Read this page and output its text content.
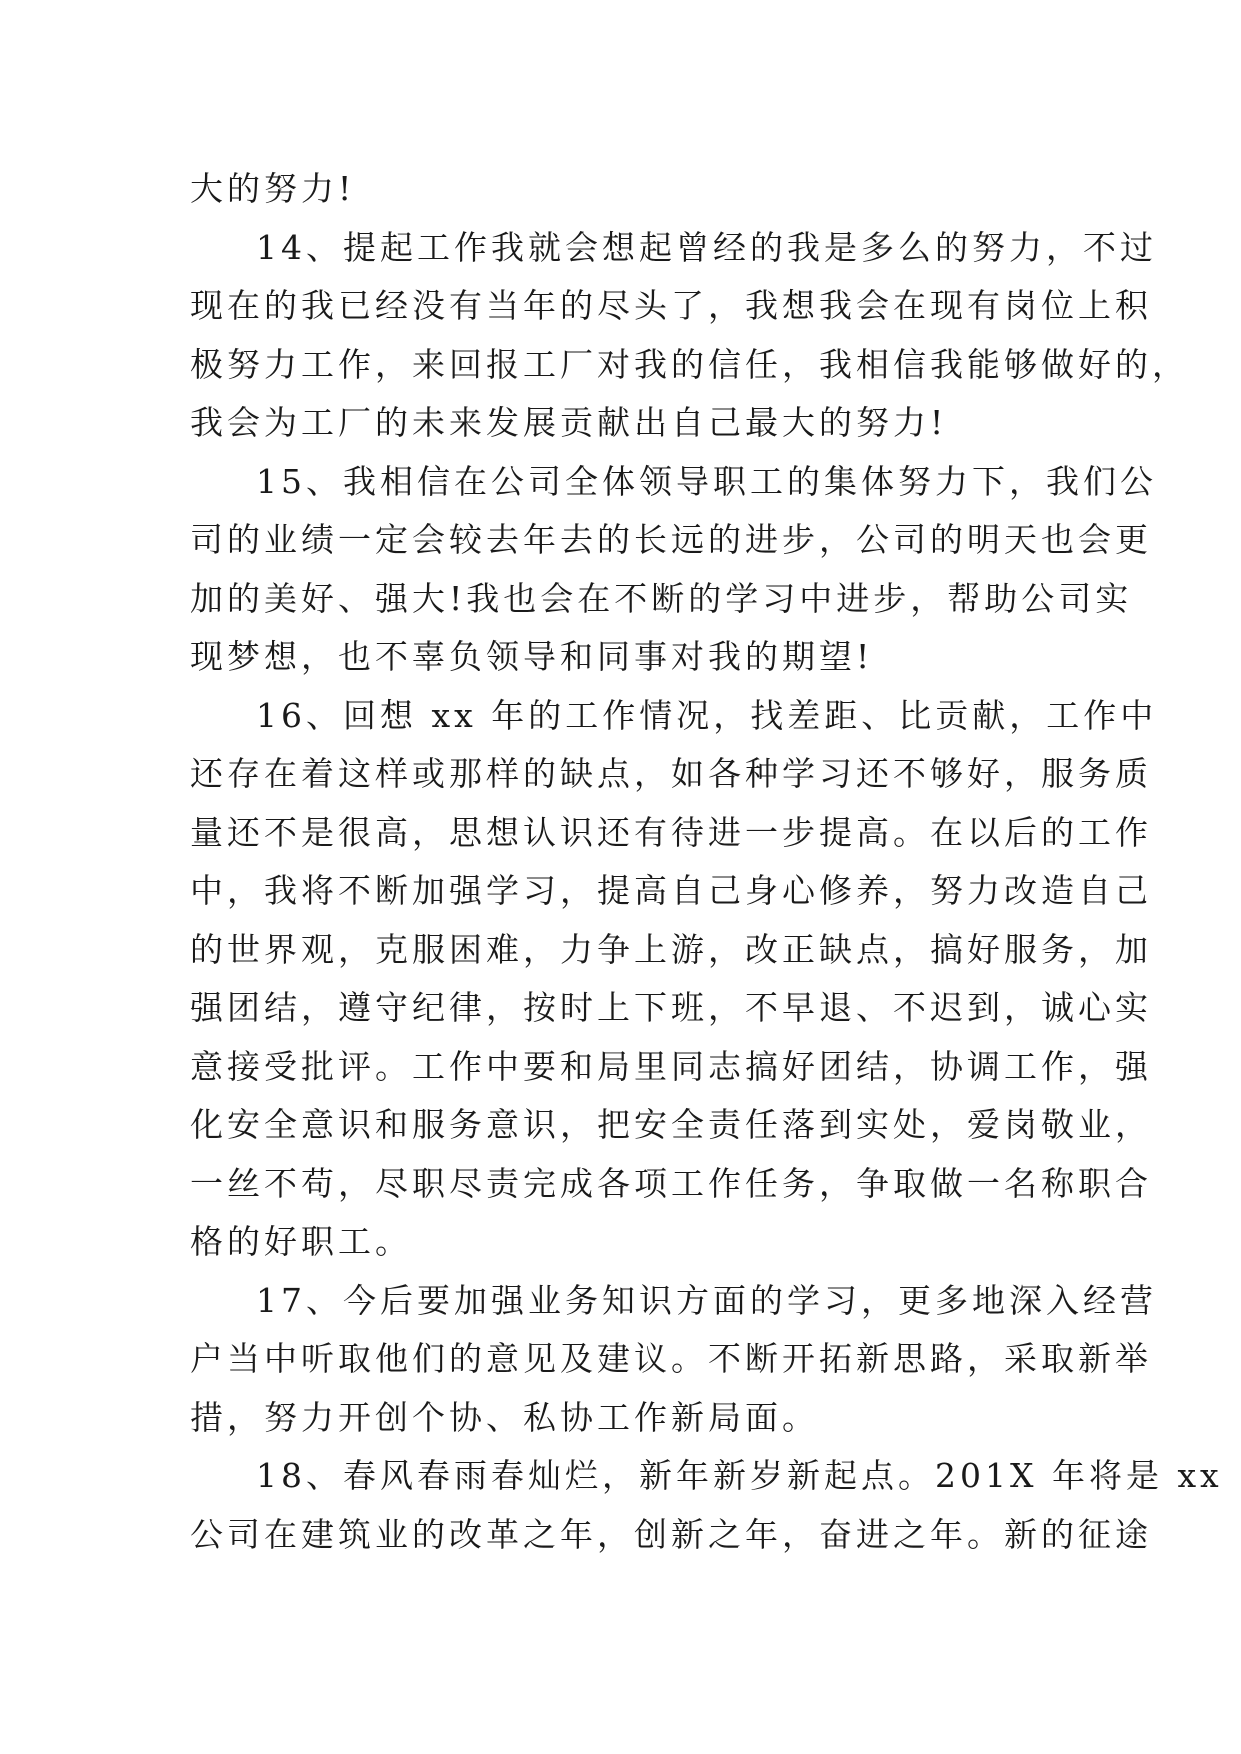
大的努力!
14、提起工作我就会想起曾经的我是多么的努力，不过
现在的我已经没有当年的尽头了，我想我会在现有岗位上积
极努力工作，来回报工厂对我的信任，我相信我能够做好的，
我会为工厂的未来发展贡献出自己最大的努力!
15、我相信在公司全体领导职工的集体努力下，我们公
司的业绩一定会较去年去的长远的进步，公司的明天也会更
加的美好、强大!我也会在不断的学习中进步，帮助公司实
现梦想，也不辜负领导和同事对我的期望!
16、回想 xx 年的工作情况，找差距、比贡献，工作中
还存在着这样或那样的缺点，如各种学习还不够好，服务质
量还不是很高，思想认识还有待进一步提高。在以后的工作
中，我将不断加强学习，提高自己身心修养，努力改造自己
的世界观，克服困难，力争上游，改正缺点，搞好服务，加
强团结，遵守纪律，按时上下班，不早退、不迟到，诚心实
意接受批评。工作中要和局里同志搞好团结，协调工作，强
化安全意识和服务意识，把安全责任落到实处，爱岗敬业，
一丝不苟，尽职尽责完成各项工作任务，争取做一名称职合
格的好职工。
17、今后要加强业务知识方面的学习，更多地深入经营
户当中听取他们的意见及建议。不断开拓新思路，采取新举
措，努力开创个协、私协工作新局面。
18、春风春雨春灿烂，新年新岁新起点。201X 年将是 xx
公司在建筑业的改革之年，创新之年，奋进之年。新的征途
